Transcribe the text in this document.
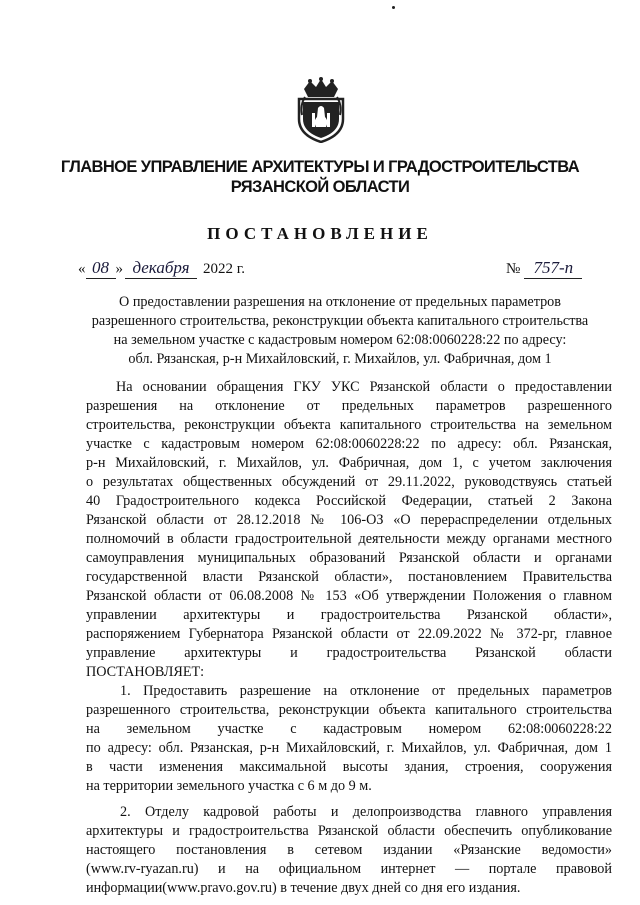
ГЛАВНОЕ УПРАВЛЕНИЕ АРХИТЕКТУРЫ И ГРАДОСТРОИТЕЛЬСТВА
РЯЗАНСКОЙ ОБЛАСТИ
ПОСТАНОВЛЕНИЕ
« 08 » декабря 2022 г.	№ 757-п
О предоставлении разрешения на отклонение от предельных параметров
разрешенного строительства, реконструкции объекта капитального строительства
на земельном участке с кадастровым номером 62:08:0060228:22 по адресу:
обл. Рязанская, р-н Михайловский, г. Михайлов, ул. Фабричная, дом 1
На основании обращения ГКУ УКС Рязанской области о предоставлении
разрешения на отклонение от предельных параметров разрешенного
строительства, реконструкции объекта капитального строительства на земельном
участке с кадастровым номером 62:08:0060228:22 по адресу: обл. Рязанская,
р-н Михайловский, г. Михайлов, ул. Фабричная, дом 1, с учетом заключения
о результатах общественных обсуждений от 29.11.2022, руководствуясь статьей
40 Градостроительного кодекса Российской Федерации, статьей 2 Закона
Рязанской области от 28.12.2018 № 106-ОЗ «О перераспределении отдельных
полномочий в области градостроительной деятельности между органами местного
самоуправления муниципальных образований Рязанской области и органами
государственной власти Рязанской области», постановлением Правительства
Рязанской области от 06.08.2008 № 153 «Об утверждении Положения о главном
управлении архитектуры и градостроительства Рязанской области»,
распоряжением Губернатора Рязанской области от 22.09.2022 № 372-рг, главное
управление архитектуры и градостроительства Рязанской области
ПОСТАНОВЛЯЕТ:
1. Предоставить разрешение на отклонение от предельных параметров
разрешенного строительства, реконструкции объекта капитального строительства
на земельном участке с кадастровым номером 62:08:0060228:22
по адресу: обл. Рязанская, р-н Михайловский, г. Михайлов, ул. Фабричная, дом 1
в части изменения максимальной высоты здания, строения, сооружения
на территории земельного участка с 6 м до 9 м.
2. Отделу кадровой работы и делопроизводства главного управления
архитектуры и градостроительства Рязанской области обеспечить опубликование
настоящего постановления в сетевом издании «Рязанские ведомости»
(www.rv-ryazan.ru) и на официальном интернет — портале правовой
информации(www.pravo.gov.ru) в течение двух дней со дня его издания.
